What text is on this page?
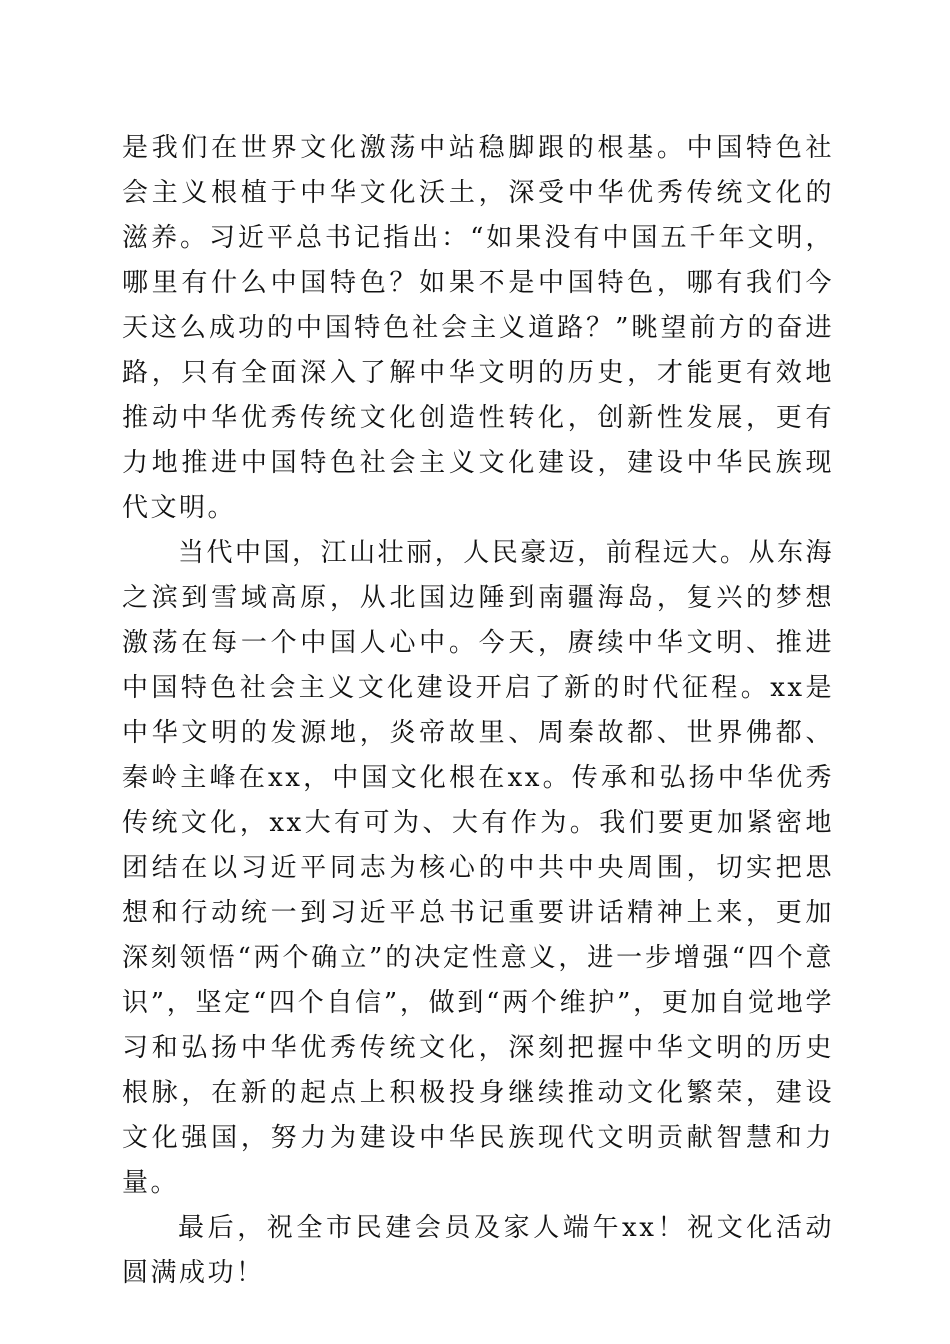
是我们在世界文化激荡中站稳脚跟的根基。中国特色社会主义根植于中华文化沃土，深受中华优秀传统文化的滋养。习近平总书记指出：“如果没有中国五千年文明，哪里有什么中国特色？如果不是中国特色，哪有我们今天这么成功的中国特色社会主义道路？”眺望前方的奋进路，只有全面深入了解中华文明的历史，才能更有效地推动中华优秀传统文化创造性转化，创新性发展，更有力地推进中国特色社会主义文化建设，建设中华民族现代文明。

当代中国，江山壮丽，人民豪迈，前程远大。从东海之滨到雪域高原，从北国边陲到南疆海岛，复兴的梦想激荡在每一个中国人心中。今天，赓续中华文明、推进中国特色社会主义文化建设开启了新的时代征程。xx是中华文明的发源地，炎帝故里、周秦故都、世界佛都、秦岭主峰在xx，中国文化根在xx。传承和弘扬中华优秀传统文化，xx大有可为、大有作为。我们要更加紧密地团结在以习近平同志为核心的中共中央周围，切实把思想和行动统一到习近平总书记重要讲话精神上来，更加深刻领悟“两个确立”的决定性意义，进一步增强“四个意识”，坚定“四个自信”，做到“两个维护”，更加自觉地学习和弘扬中华优秀传统文化，深刻把握中华文明的历史根脉，在新的起点上积极投身继续推动文化繁荣，建设文化强国，努力为建设中华民族现代文明贡献智慧和力量。

最后，祝全市民建会员及家人端午xx！祝文化活动圆满成功！
